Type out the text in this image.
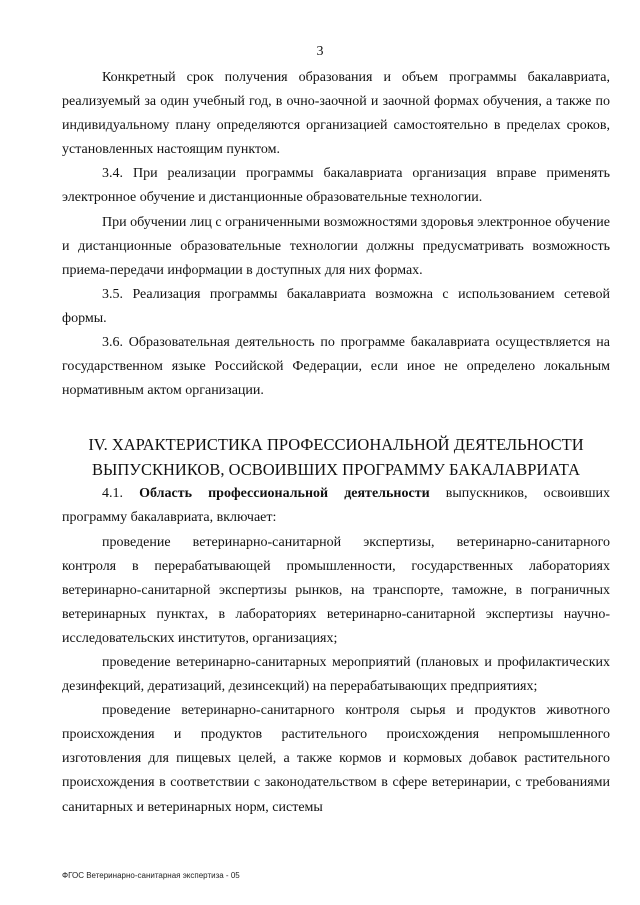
3

Конкретный срок получения образования и объем программы бакалавриата, реализуемый за один учебный год, в очно-заочной и заочной формах обучения, а также по индивидуальному плану определяются организацией самостоятельно в пределах сроков, установленных настоящим пунктом.

3.4. При реализации программы бакалавриата организация вправе применять электронное обучение и дистанционные образовательные технологии.

При обучении лиц с ограниченными возможностями здоровья электронное обучение и дистанционные образовательные технологии должны предусматривать возможность приема-передачи информации в доступных для них формах.

3.5. Реализация программы бакалавриата возможна с использованием сетевой формы.

3.6. Образовательная деятельность по программе бакалавриата осуществляется на государственном языке Российской Федерации, если иное не определено локальным нормативным актом организации.

IV. ХАРАКТЕРИСТИКА ПРОФЕССИОНАЛЬНОЙ ДЕЯТЕЛЬНОСТИ
ВЫПУСКНИКОВ, ОСВОИВШИХ ПРОГРАММУ БАКАЛАВРИАТА

4.1. Область профессиональной деятельности выпускников, освоивших программу бакалавриата, включает:

проведение ветеринарно-санитарной экспертизы, ветеринарно-санитарного контроля в перерабатывающей промышленности, государственных лабораториях ветеринарно-санитарной экспертизы рынков, на транспорте, таможне, в пограничных ветеринарных пунктах, в лабораториях ветеринарно-санитарной экспертизы научно-исследовательских институтов, организациях;

проведение ветеринарно-санитарных мероприятий (плановых и профилактических дезинфекций, дератизаций, дезинсекций) на перерабатывающих предприятиях;

проведение ветеринарно-санитарного контроля сырья и продуктов животного происхождения и продуктов растительного происхождения непромышленного изготовления для пищевых целей, а также кормов и кормовых добавок растительного происхождения в соответствии с законодательством в сфере ветеринарии, с требованиями санитарных и ветеринарных норм, системы

ФГОС Ветеринарно-санитарная экспертиза - 05
